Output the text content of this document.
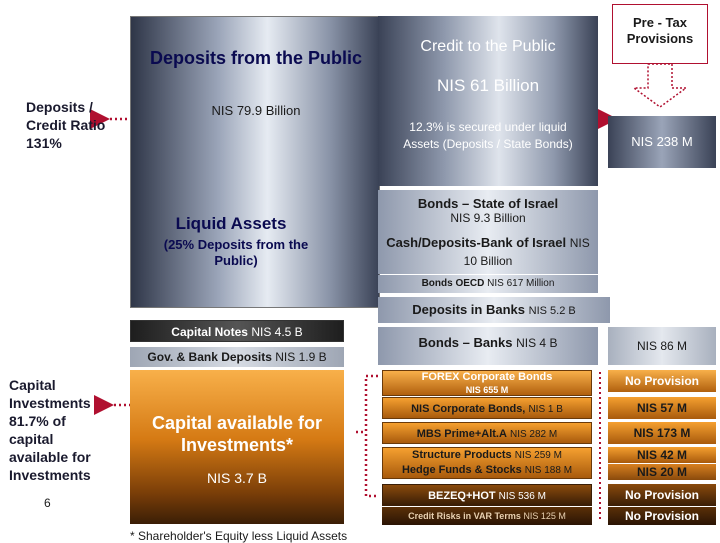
Deposits / Credit Ratio 131%
Capital Investments 81.7% of capital available for Investments
6
Deposits from the Public
NIS 79.9 Billion
Liquid Assets
(25% Deposits from the Public)
Capital Notes NIS 4.5 B
Gov. & Bank Deposits NIS 1.9 B
Capital available for Investments*
NIS 3.7 B
* Shareholder's Equity less Liquid Assets
Credit to the Public
NIS 61 Billion
12.3% is secured under liquid Assets (Deposits / State Bonds)
Bonds – State of Israel
NIS 9.3 Billion
Cash/Deposits-Bank of Israel NIS 10 Billion
Bonds OECD NIS 617 Million
Deposits in Banks NIS 5.2 B
Bonds – Banks NIS 4 B
FOREX Corporate Bonds
NIS 655 M
NIS Corporate Bonds, NIS 1 B
MBS Prime+Alt.A NIS 282 M
Structure Products NIS 259 M
Hedge Funds & Stocks NIS 188 M
BEZEQ+HOT NIS 536 M
Credit Risks in VAR Terms NIS 125 M
Pre - Tax Provisions
NIS 238 M
NIS 86 M
No Provision
NIS 57 M
NIS 173 M
NIS 42 M
NIS 20 M
No Provision
No Provision
